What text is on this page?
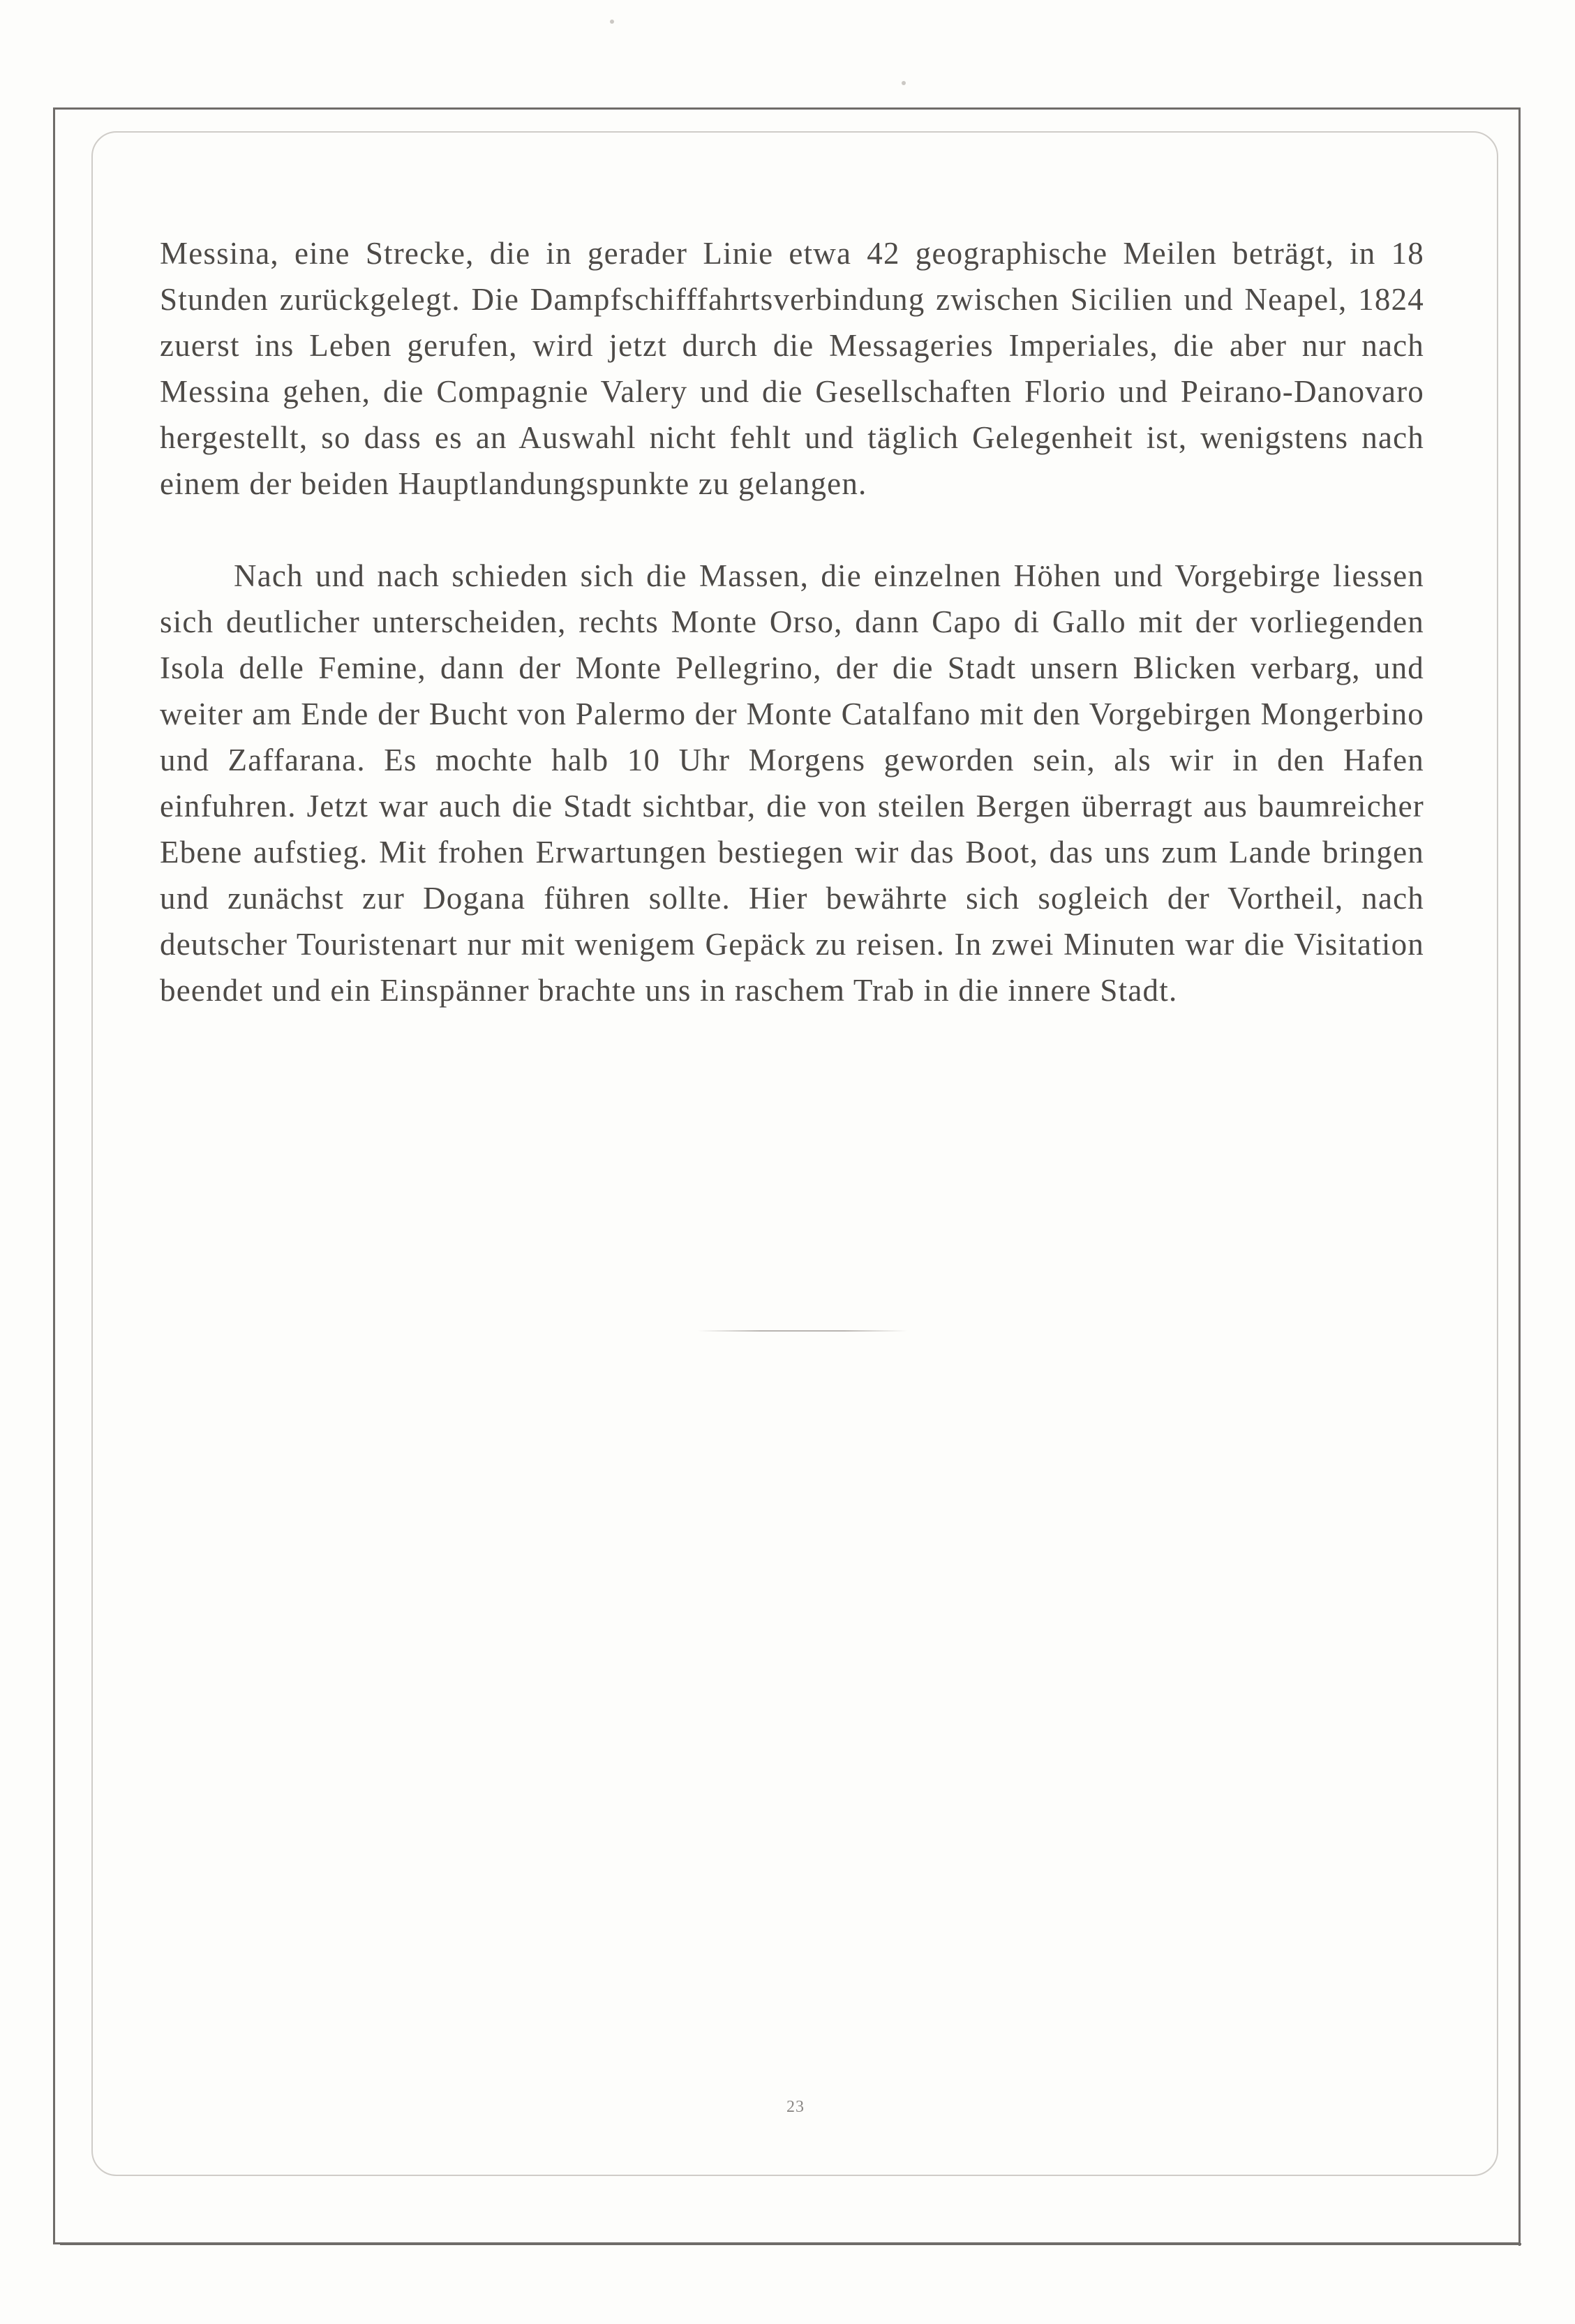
Messina, eine Strecke, die in gerader Linie etwa 42 geographische Meilen beträgt, in 18 Stunden zurückgelegt. Die Dampfschifffahrtsverbindung zwischen Sicilien und Neapel, 1824 zuerst ins Leben gerufen, wird jetzt durch die Messageries Imperiales, die aber nur nach Messina gehen, die Compagnie Valery und die Gesellschaften Florio und Peirano-Danovaro hergestellt, so dass es an Auswahl nicht fehlt und täglich Gelegenheit ist, wenigstens nach einem der beiden Hauptlandungspunkte zu gelangen.

Nach und nach schieden sich die Massen, die einzelnen Höhen und Vorgebirge liessen sich deutlicher unterscheiden, rechts Monte Orso, dann Capo di Gallo mit der vorliegenden Isola delle Femine, dann der Monte Pellegrino, der die Stadt unsern Blicken verbarg, und weiter am Ende der Bucht von Palermo der Monte Catalfano mit den Vorgebirgen Mongerbino und Zaffarana. Es mochte halb 10 Uhr Morgens geworden sein, als wir in den Hafen einfuhren. Jetzt war auch die Stadt sichtbar, die von steilen Bergen überragt aus baumreicher Ebene aufstieg. Mit frohen Erwartungen bestiegen wir das Boot, das uns zum Lande bringen und zunächst zur Dogana führen sollte. Hier bewährte sich sogleich der Vortheil, nach deutscher Touristenart nur mit wenigem Gepäck zu reisen. In zwei Minuten war die Visitation beendet und ein Einspänner brachte uns in raschem Trab in die innere Stadt.

23
